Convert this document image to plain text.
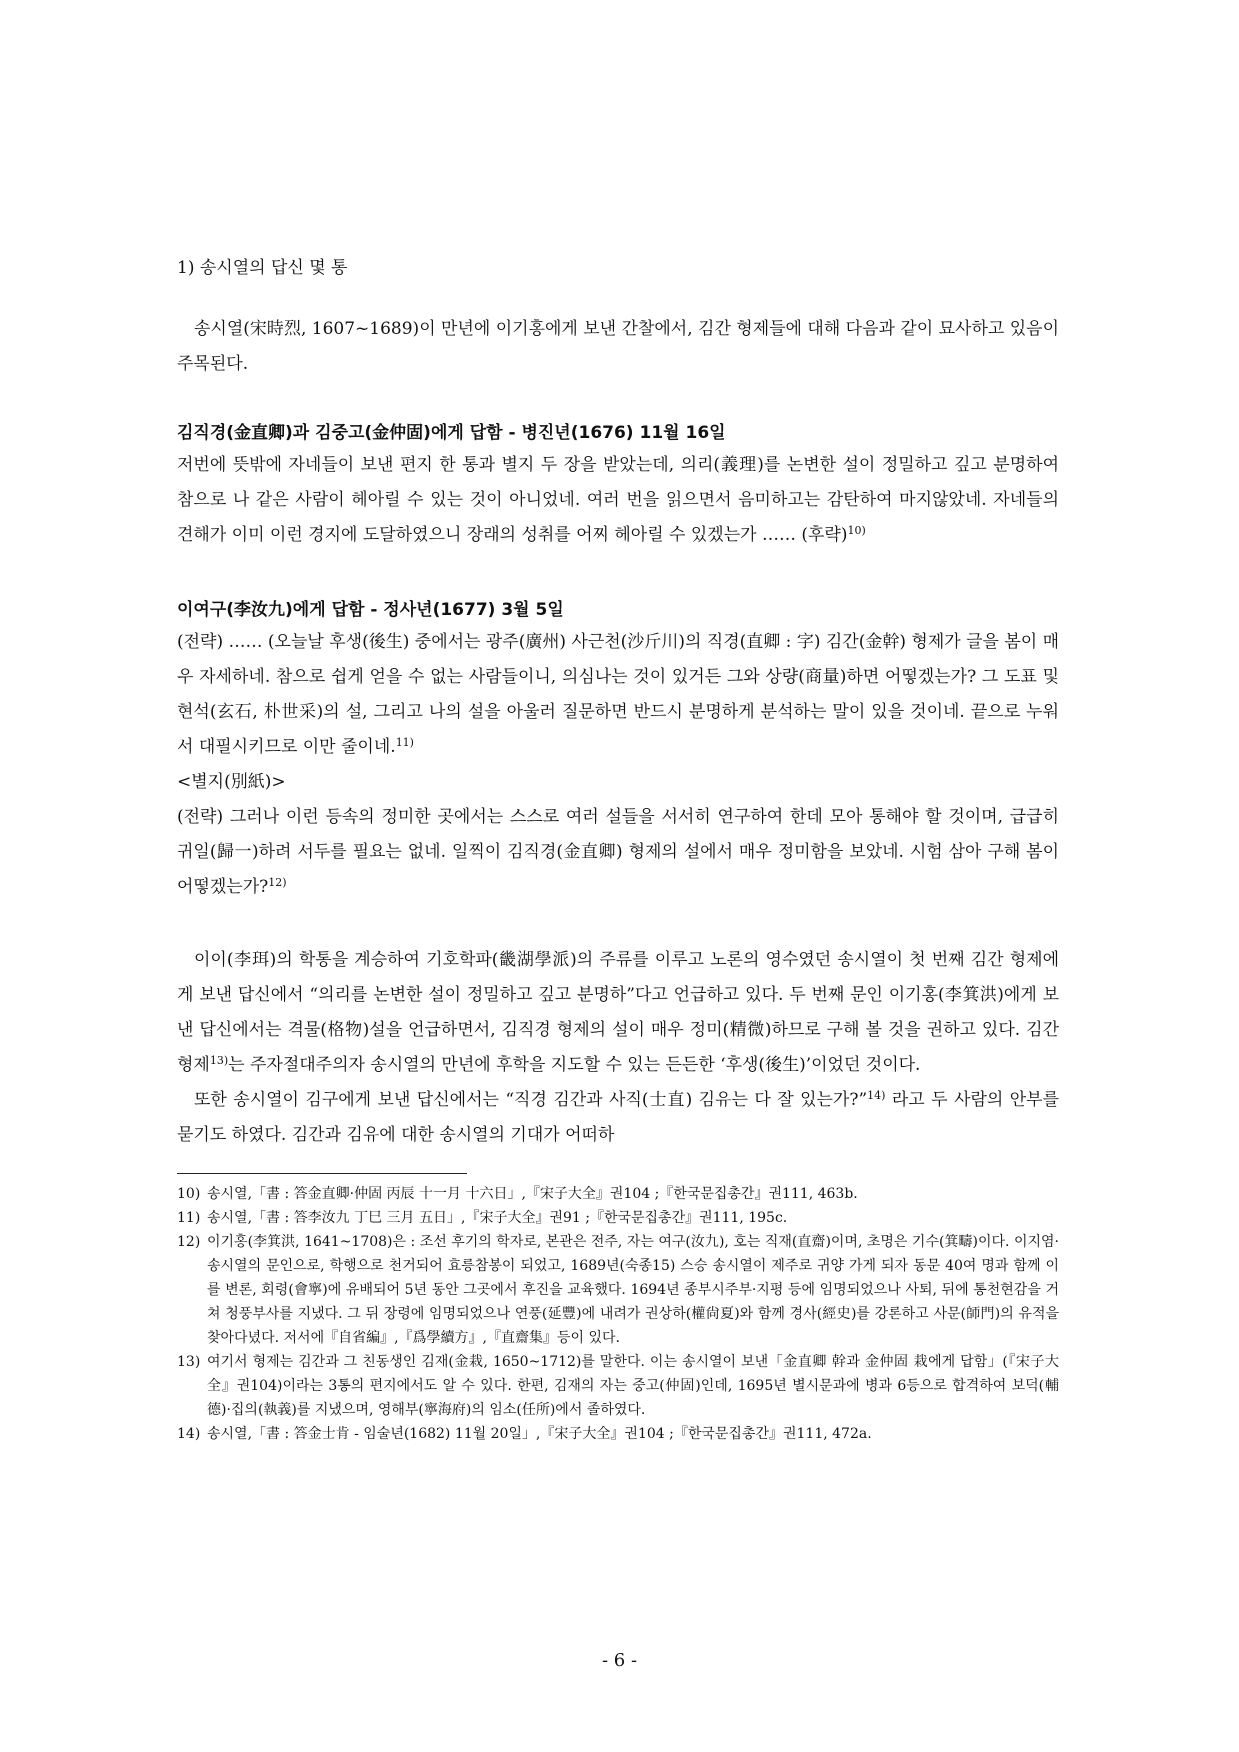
1) 송시열의 답신 몇 통

송시열(宋時烈, 1607~1689)이 만년에 이기홍에게 보낸 간찰에서, 김간 형제들에 대해 다음과 같이 묘사하고 있음이 주목된다.

김직경(金直卿)과 김중고(金仲固)에게 답함 - 병진년(1676) 11월 16일

저번에 뜻밖에 자네들이 보낸 편지 한 통과 별지 두 장을 받았는데, 의리(義理)를 논변한 설이 정밀하고 깊고 분명하여 참으로 나 같은 사람이 헤아릴 수 있는 것이 아니었네. 여러 번을 읽으면서 음미하고는 감탄하여 마지않았네. 자네들의 견해가 이미 이런 경지에 도달하였으니 장래의 성취를 어찌 헤아릴 수 있겠는가 …… (후략)$^{10)}$

이여구(李汝九)에게 답함 - 정사년(1677) 3월 5일

(전략) …… (오늘날 후생(後生) 중에서는 광주(廣州) 사근천(沙斤川)의 직경(直卿 : 字) 김간(金幹) 형제가 글을 봄이 매우 자세하네. 참으로 쉽게 얻을 수 없는 사람들이니, 의심나는 것이 있거든 그와 상량(商量)하면 어떻겠는가? 그 도표 및 현석(玄石, 朴世采)의 설, 그리고 나의 설을 아울러 질문하면 반드시 분명하게 분석하는 말이 있을 것이네. 끝으로 누워서 대필시키므로 이만 줄이네.$^{11)}$

<별지(別紙)>

(전략) 그러나 이런 등속의 정미한 곳에서는 스스로 여러 설들을 서서히 연구하여 한데 모아 통해야 할 것이며, 급급히 귀일(歸一)하려 서두를 필요는 없네. 일찍이 김직경(金直卿) 형제의 설에서 매우 정미함을 보았네. 시험 삼아 구해 봄이 어떻겠는가?$^{12)}$

이이(李珥)의 학통을 계승하여 기호학파(畿湖學派)의 주류를 이루고 노론의 영수였던 송시열이 첫 번째 김간 형제에게 보낸 답신에서 “의리를 논변한 설이 정밀하고 깊고 분명하”다고 언급하고 있다. 두 번째 문인 이기홍(李箕洪)에게 보낸 답신에서는 격물(格物)설을 언급하면서, 김직경 형제의 설이 매우 정미(精微)하므로 구해 볼 것을 권하고 있다. 김간 형제$^{13)}$는 주자절대주의자 송시열의 만년에 후학을 지도할 수 있는 든든한 ‘후생(後生)’이었던 것이다.

또한 송시열이 김구에게 보낸 답신에서는 “직경 김간과 사직(士直) 김유는 다 잘 있는가?”$^{14)}$ 라고 두 사람의 안부를 묻기도 하였다. 김간과 김유에 대한 송시열의 기대가 어떠하

10) 송시열,「書 : 答金直卿·仲固 丙辰 十一月 十六日」,『宋子大全』권104 ;『한국문집총간』권111, 463b.
11) 송시열,「書 : 答李汝九 丁巳 三月 五日」,『宋子大全』권91 ;『한국문집총간』권111, 195c.
12) 이기홍(李箕洪, 1641~1708)은 : 조선 후기의 학자로, 본관은 전주, 자는 여구(汝九), 호는 직재(直齋)이며, 초명은 기수(箕疇)이다. 이지염·송시열의 문인으로, 학행으로 천거되어 효릉참봉이 되었고, 1689년(숙종15) 스승 송시열이 제주로 귀양 가게 되자 동문 40여 명과 함께 이를 변론, 회령(會寧)에 유배되어 5년 동안 그곳에서 후진을 교육했다. 1694년 종부시주부·지평 등에 임명되었으나 사퇴, 뒤에 통천현감을 거쳐 청풍부사를 지냈다. 그 뒤 장령에 임명되었으나 연풍(延豐)에 내려가 권상하(權尙夏)와 함께 경사(經史)를 강론하고 사문(師門)의 유적을 찾아다녔다. 저서에『自省編』,『爲學續方』,『直齋集』등이 있다.
13) 여기서 형제는 김간과 그 친동생인 김재(金栽, 1650~1712)를 말한다. 이는 송시열이 보낸「金直卿 幹과 金仲固 栽에게 답함」(『宋子大全』권104)이라는 3통의 편지에서도 알 수 있다. 한편, 김재의 자는 중고(仲固)인데, 1695년 별시문과에 병과 6등으로 합격하여 보덕(輔德)·집의(執義)를 지냈으며, 영해부(寧海府)의 임소(任所)에서 졸하였다.
14) 송시열,「書 : 答金士肯 - 임술년(1682) 11월 20일」,『宋子大全』권104 ;『한국문집총간』권111, 472a.
- 6 -
